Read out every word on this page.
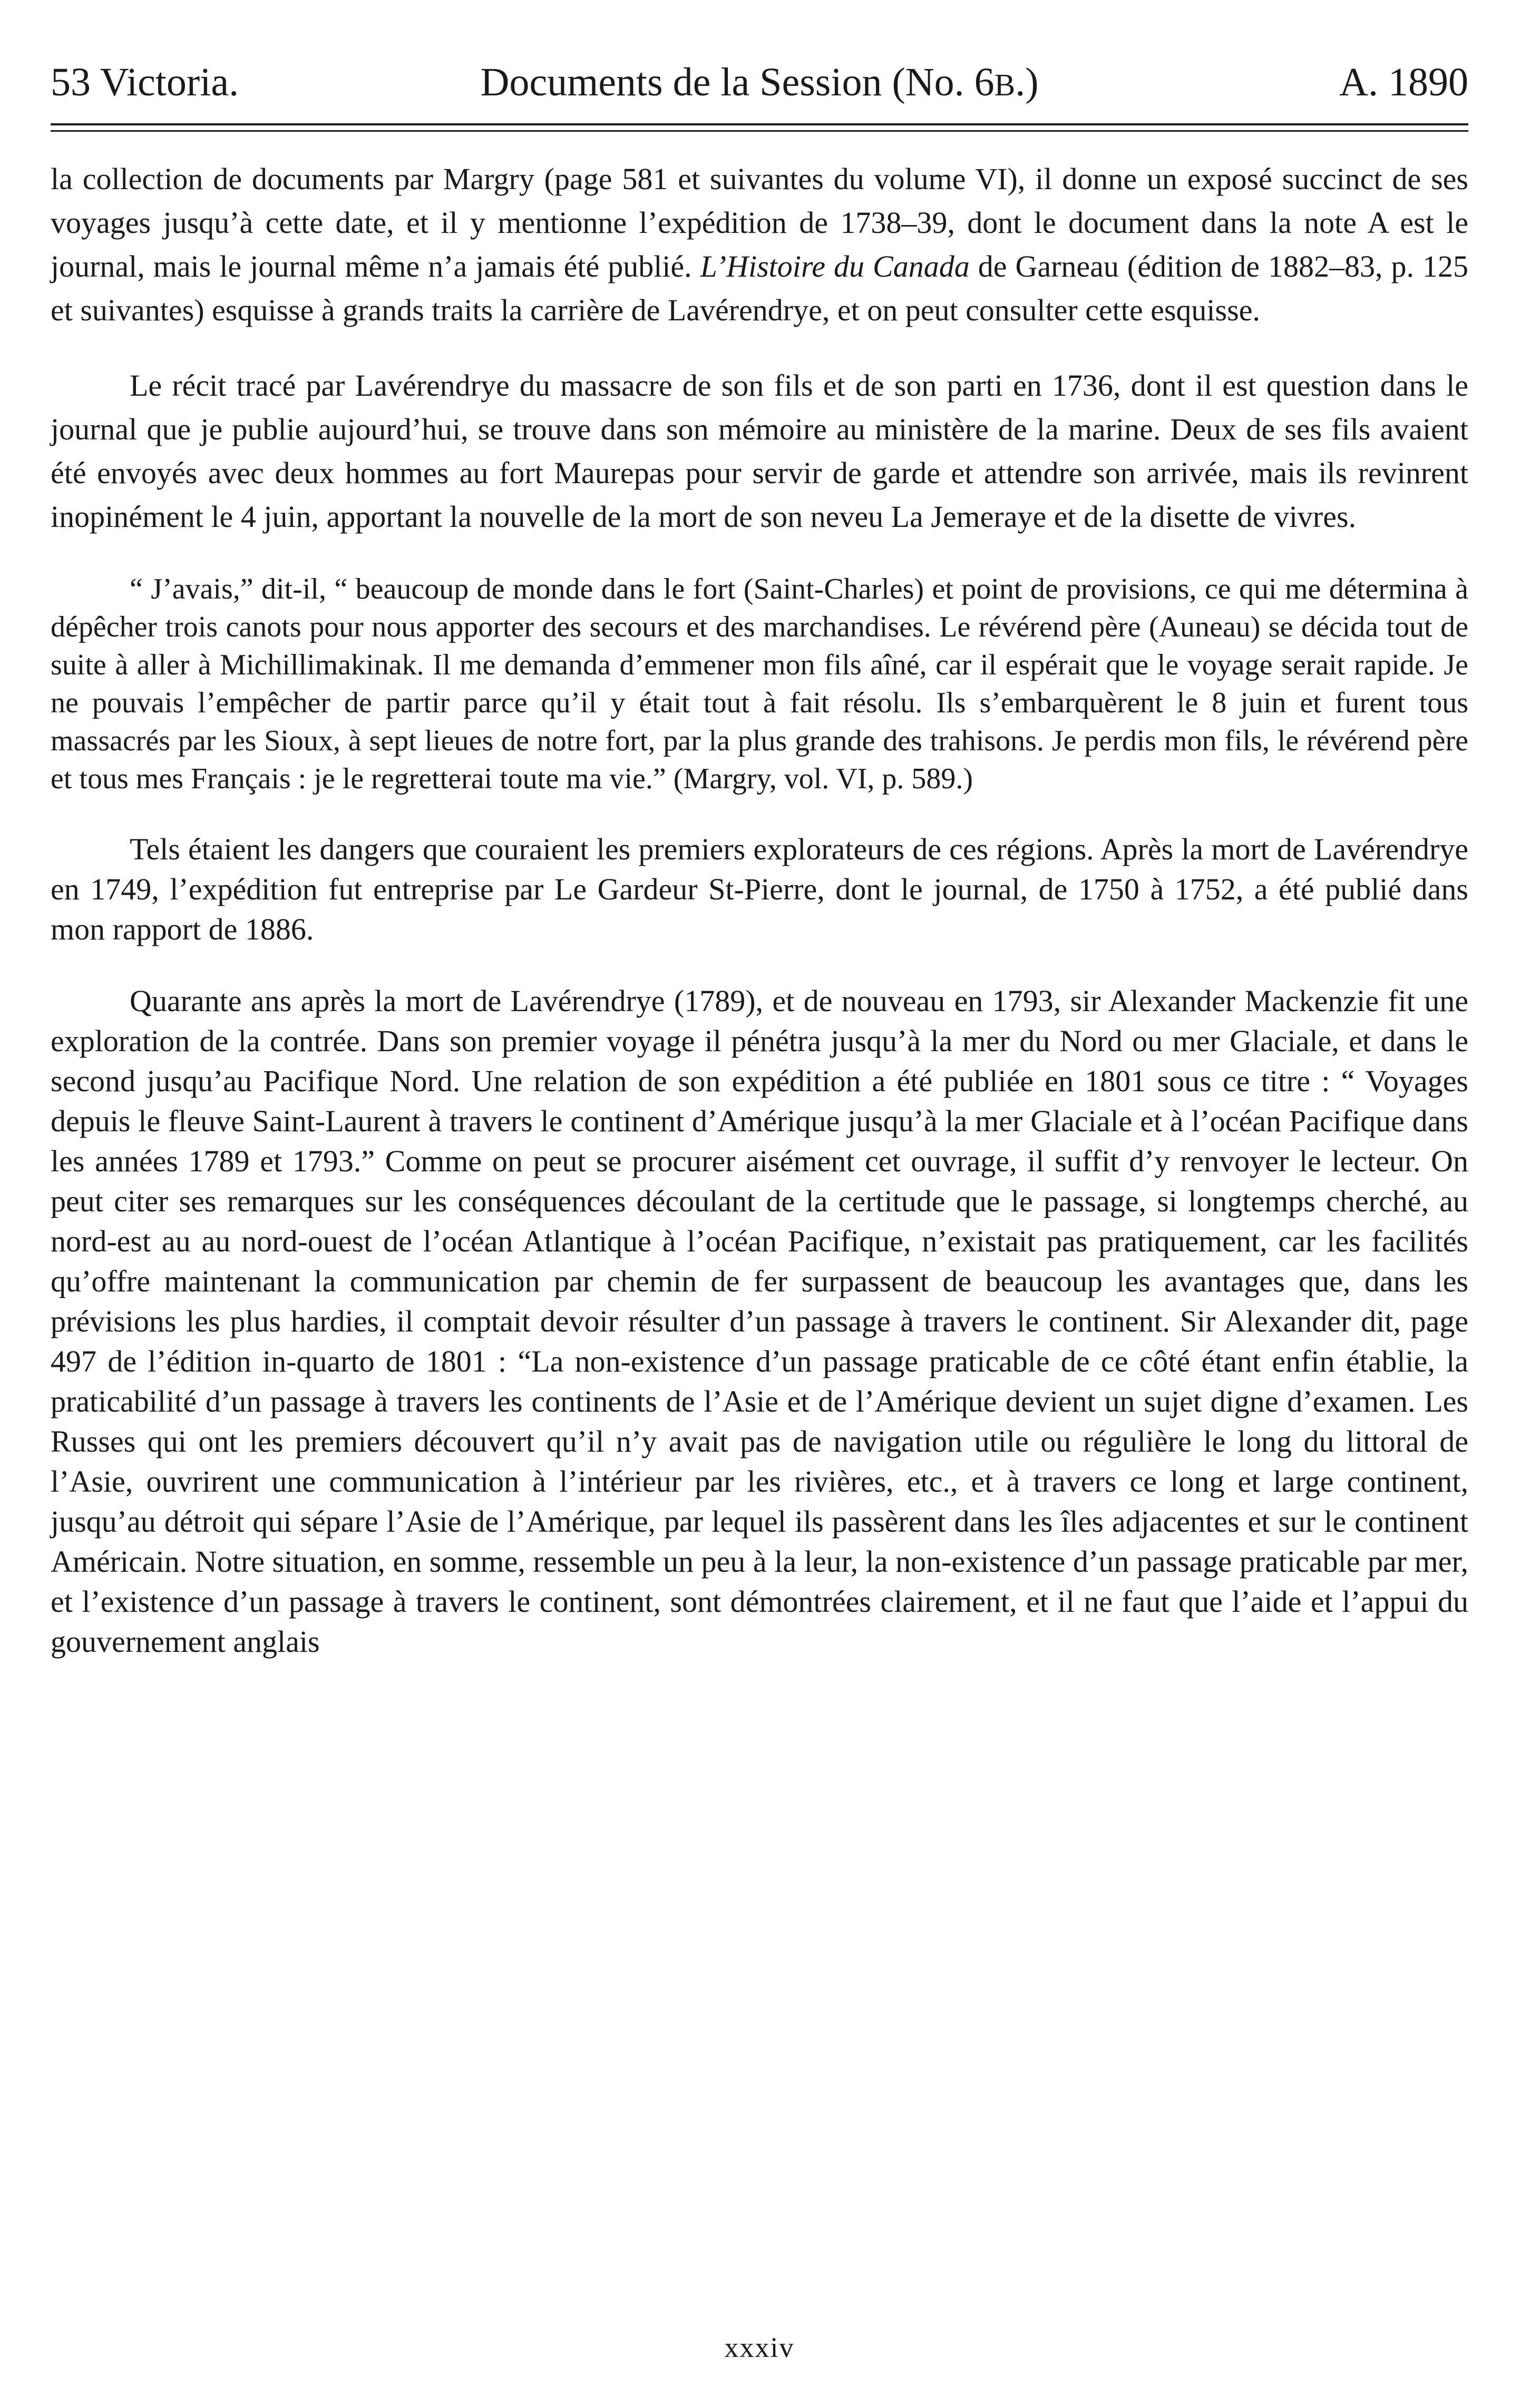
53 Victoria.	Documents de la Session (No. 6B.)	A. 1890

la collection de documents par Margry (page 581 et suivantes du volume VI), il donne un exposé succinct de ses voyages jusqu’à cette date, et il y mentionne l’expédition de 1738–39, dont le document dans la note A est le journal, mais le journal même n’a jamais été publié. L’Histoire du Canada de Garneau (édition de 1882–83, p. 125 et suivantes) esquisse à grands traits la carrière de Lavérendrye, et on peut consulter cette esquisse.

Le récit tracé par Lavérendrye du massacre de son fils et de son parti en 1736, dont il est question dans le journal que je publie aujourd’hui, se trouve dans son mémoire au ministère de la marine. Deux de ses fils avaient été envoyés avec deux hommes au fort Maurepas pour servir de garde et attendre son arrivée, mais ils revinrent inopinément le 4 juin, apportant la nouvelle de la mort de son neveu La Jemeraye et de la disette de vivres.

“ J’avais,” dit-il, “ beaucoup de monde dans le fort (Saint-Charles) et point de provisions, ce qui me détermina à dépêcher trois canots pour nous apporter des secours et des marchandises. Le révérend père (Auneau) se décida tout de suite à aller à Michillimakinak. Il me demanda d’emmener mon fils aîné, car il espérait que le voyage serait rapide. Je ne pouvais l’empêcher de partir parce qu’il y était tout à fait résolu. Ils s’embarquèrent le 8 juin et furent tous massacrés par les Sioux, à sept lieues de notre fort, par la plus grande des trahisons. Je perdis mon fils, le révérend père et tous mes Français : je le regretterai toute ma vie.” (Margry, vol. VI, p. 589.)

Tels étaient les dangers que couraient les premiers explorateurs de ces régions. Après la mort de Lavérendrye en 1749, l’expédition fut entreprise par Le Gardeur St-Pierre, dont le journal, de 1750 à 1752, a été publié dans mon rapport de 1886.

Quarante ans après la mort de Lavérendrye (1789), et de nouveau en 1793, sir Alexander Mackenzie fit une exploration de la contrée. Dans son premier voyage il pénétra jusqu’à la mer du Nord ou mer Glaciale, et dans le second jusqu’au Pacifique Nord. Une relation de son expédition a été publiée en 1801 sous ce titre : “ Voyages depuis le fleuve Saint-Laurent à travers le continent d’Amérique jusqu’à la mer Glaciale et à l’océan Pacifique dans les années 1789 et 1793.” Comme on peut se procurer aisément cet ouvrage, il suffit d’y renvoyer le lecteur. On peut citer ses remarques sur les conséquences découlant de la certitude que le passage, si longtemps cherché, au nord-est au au nord-ouest de l’océan Atlantique à l’océan Pacifique, n’existait pas pratiquement, car les facilités qu’offre maintenant la communication par chemin de fer surpassent de beaucoup les avantages que, dans les prévisions les plus hardies, il comptait devoir résulter d’un passage à travers le continent. Sir Alexander dit, page 497 de l’édition in-quarto de 1801 : “La non-existence d’un passage praticable de ce côté étant enfin établie, la praticabilité d’un passage à travers les continents de l’Asie et de l’Amérique devient un sujet digne d’examen. Les Russes qui ont les premiers découvert qu’il n’y avait pas de navigation utile ou régulière le long du littoral de l’Asie, ouvrirent une communication à l’intérieur par les rivières, etc., et à travers ce long et large continent, jusqu’au détroit qui sépare l’Asie de l’Amérique, par lequel ils passèrent dans les îles adjacentes et sur le continent Américain. Notre situation, en somme, ressemble un peu à la leur, la non-existence d’un passage praticable par mer, et l’existence d’un passage à travers le continent, sont démontrées clairement, et il ne faut que l’aide et l’appui du gouvernement anglais

xxxiv
